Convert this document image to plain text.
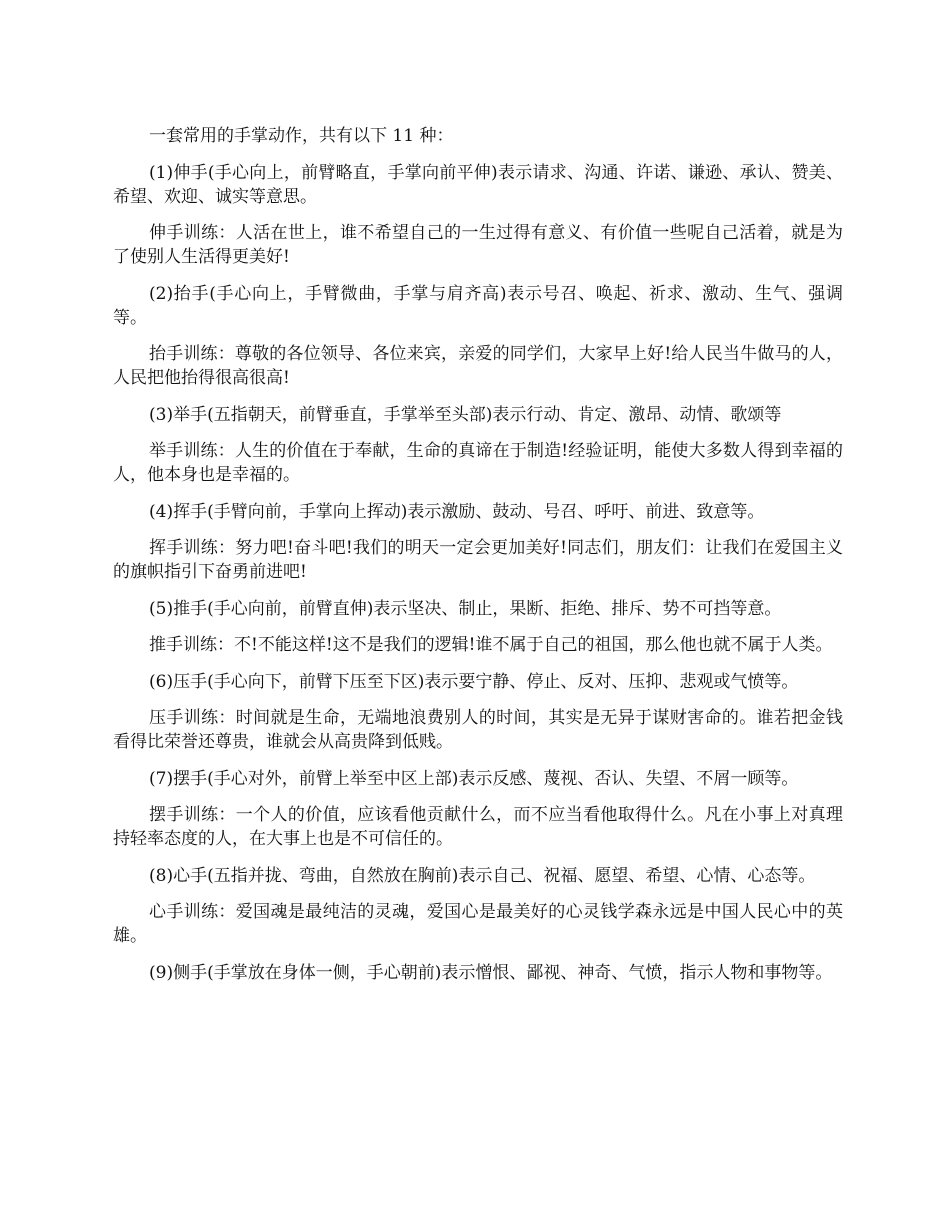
一套常用的手掌动作，共有以下 11 种：

(1)伸手(手心向上，前臂略直，手掌向前平伸)表示请求、沟通、许诺、谦逊、承认、赞美、希望、欢迎、诚实等意思。

伸手训练：人活在世上，谁不希望自己的一生过得有意义、有价值一些呢自己活着，就是为了使别人生活得更美好!

(2)抬手(手心向上，手臂微曲，手掌与肩齐高)表示号召、唤起、祈求、激动、生气、强调等。

抬手训练：尊敬的各位领导、各位来宾，亲爱的同学们，大家早上好!给人民当牛做马的人，人民把他抬得很高很高!

(3)举手(五指朝天，前臂垂直，手掌举至头部)表示行动、肯定、激昂、动情、歌颂等

举手训练：人生的价值在于奉献，生命的真谛在于制造!经验证明，能使大多数人得到幸福的人，他本身也是幸福的。

(4)挥手(手臂向前，手掌向上挥动)表示激励、鼓动、号召、呼吁、前进、致意等。

挥手训练：努力吧!奋斗吧!我们的明天一定会更加美好!同志们，朋友们：让我们在爱国主义的旗帜指引下奋勇前进吧!

(5)推手(手心向前，前臂直伸)表示坚决、制止，果断、拒绝、排斥、势不可挡等意。

推手训练：不!不能这样!这不是我们的逻辑!谁不属于自己的祖国，那么他也就不属于人类。

(6)压手(手心向下，前臂下压至下区)表示要宁静、停止、反对、压抑、悲观或气愤等。

压手训练：时间就是生命，无端地浪费别人的时间，其实是无异于谋财害命的。谁若把金钱看得比荣誉还尊贵，谁就会从高贵降到低贱。

(7)摆手(手心对外，前臂上举至中区上部)表示反感、蔑视、否认、失望、不屑一顾等。

摆手训练：一个人的价值，应该看他贡献什么，而不应当看他取得什么。凡在小事上对真理持轻率态度的人，在大事上也是不可信任的。

(8)心手(五指并拢、弯曲，自然放在胸前)表示自己、祝福、愿望、希望、心情、心态等。

心手训练：爱国魂是最纯洁的灵魂，爱国心是最美好的心灵钱学森永远是中国人民心中的英雄。

(9)侧手(手掌放在身体一侧，手心朝前)表示憎恨、鄙视、神奇、气愤，指示人物和事物等。
